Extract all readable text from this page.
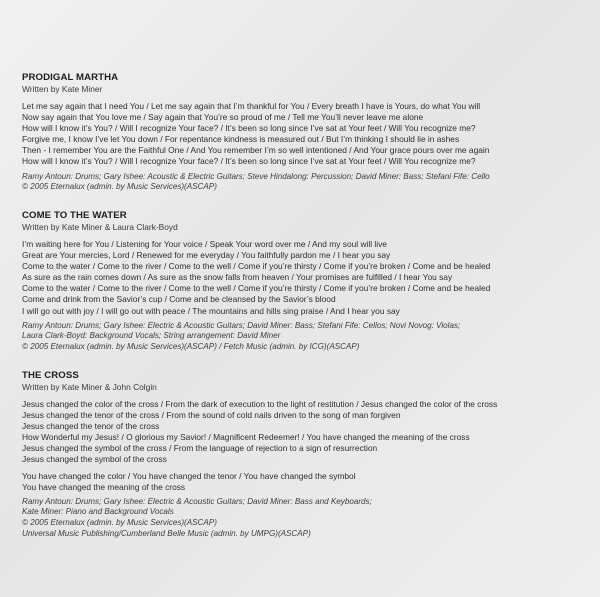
PRODIGAL MARTHA
Written by Kate Miner
Let me say again that I need You / Let me say again that I’m thankful for You / Every breath I have is Yours, do what You will
Now say again that You love me / Say again that You’re so proud of me / Tell me You’ll never leave me alone
How will I know it’s You? / Will I recognize Your face? / It’s been so long since I’ve sat at Your feet / Will You recognize me?
Forgive me, I know I’ve let You down / For repentance kindness is measured out / But I’m thinking I should lie in ashes
Then - I remember You are the Faithful One / And You remember I’m so well intentioned / And Your grace pours over me again
How will I know it’s You? / Will I recognize Your face? / It’s been so long since I’ve sat at Your feet / Will You recognize me?
Ramy Antoun: Drums; Gary Ishee: Acoustic & Electric Guitars; Steve Hindalong: Percussion; David Miner: Bass; Stefani Fife: Cello
© 2005 Eternalux (admin. by Music Services)(ASCAP)
COME TO THE WATER
Written by Kate Miner & Laura Clark-Boyd
I’m waiting here for You / Listening for Your voice / Speak Your word over me / And my soul will live
Great are Your mercies, Lord / Renewed for me everyday / You faithfully pardon me / I hear you say
Come to the water / Come to the river / Come to the well / Come if you’re thirsty / Come if you’re broken / Come and be healed
As sure as the rain comes down / As sure as the snow falls from heaven / Your promises are fulfilled / I hear You say
Come to the water / Come to the river / Come to the well / Come if you’re thirsty / Come if you’re broken / Come and be healed
Come and drink from the Savior’s cup / Come and be cleansed by the Savior’s blood
I will go out with joy / I will go out with peace / The mountains and hills sing praise / And I hear you say
Ramy Antoun: Drums; Gary Ishee: Electric & Acoustic Guitars; David Miner: Bass; Stefani Fife: Cellos; Novi Novog: Violas;
Laura Clark-Boyd: Background Vocals; String arrangement: David Miner
© 2005 Eternalux (admin. by Music Services)(ASCAP) / Fetch Music (admin. by ICG)(ASCAP)
THE CROSS
Written by Kate Miner & John Colgin
Jesus changed the color of the cross / From the dark of execution to the light of restitution / Jesus changed the color of the cross
Jesus changed the tenor of the cross / From the sound of cold nails driven to the song of man forgiven
Jesus changed the tenor of the cross
How Wonderful my Jesus! / O glorious my Savior! / Magnificent Redeemer! / You have changed the meaning of the cross
Jesus changed the symbol of the cross / From the language of rejection to a sign of resurrection
Jesus changed the symbol of the cross
You have changed the color / You have changed the tenor / You have changed the symbol
You have changed the meaning of the cross
Ramy Antoun: Drums; Gary Ishee: Electric & Acoustic Guitars; David Miner: Bass and Keyboards;
Kate Miner: Piano and Background Vocals
© 2005 Eternalux (admin. by Music Services)(ASCAP)
Universal Music Publishing/Cumberland Belle Music (admin. by UMPG)(ASCAP)
